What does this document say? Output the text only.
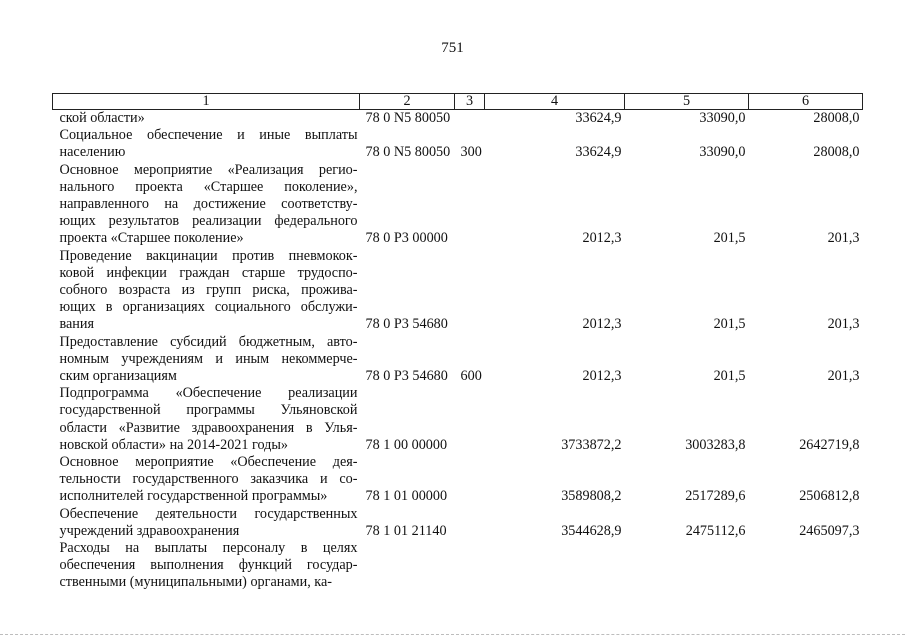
751
1	2	3	4	5	6

ской области»	78 0 N5 80050		33624,9	33090,0	28008,0

Социальное обеспечение и иные выплаты
населению	78 0 N5 80050	300	33624,9	33090,0	28008,0

Основное мероприятие «Реализация регио-
нального проекта «Старшее поколение»,
направленного на достижение соответству-
ющих результатов реализации федерального
проекта «Старшее поколение»	78 0 P3 00000		2012,3	201,5	201,3

Проведение вакцинации против пневмокок-
ковой инфекции граждан старше трудоспо-
собного возраста из групп риска, прожива-
ющих в организациях социального обслужи-
вания	78 0 P3 54680		2012,3	201,5	201,3

Предоставление субсидий бюджетным, авто-
номным учреждениям и иным некоммерче-
ским организациям	78 0 P3 54680	600	2012,3	201,5	201,3

Подпрограмма «Обеспечение реализации
государственной программы Ульяновской
области «Развитие здравоохранения в Улья-
новской области» на 2014-2021 годы»	78 1 00 00000		3733872,2	3003283,8	2642719,8

Основное мероприятие «Обеспечение дея-
тельности государственного заказчика и со-
исполнителей государственной программы»	78 1 01 00000		3589808,2	2517289,6	2506812,8

Обеспечение деятельности государственных
учреждений здравоохранения	78 1 01 21140		3544628,9	2475112,6	2465097,3

Расходы на выплаты персоналу в целях
обеспечения выполнения функций государ-
ственными (муниципальными) органами, ка-					
